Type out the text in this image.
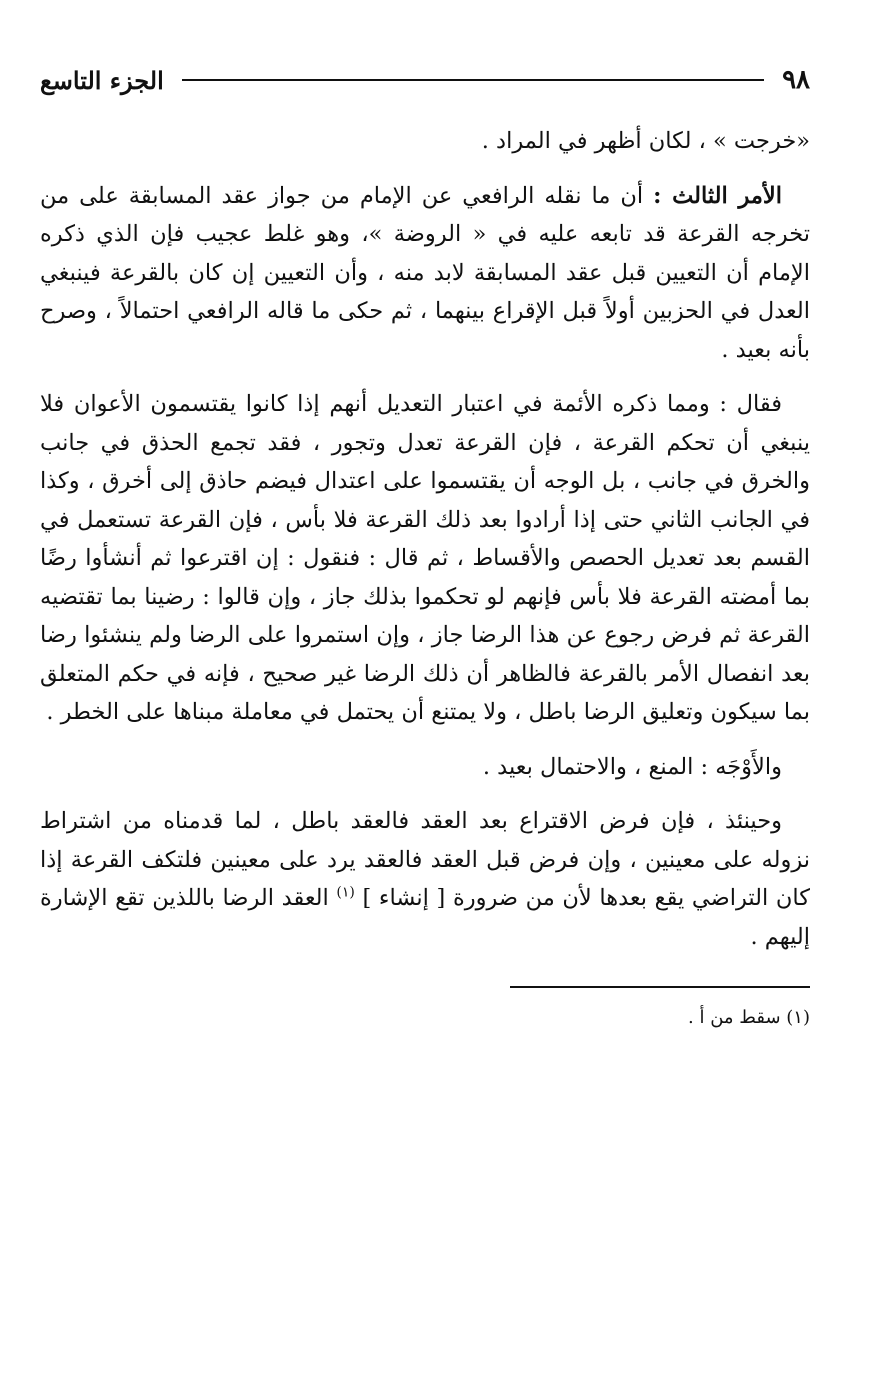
٩٨
الجزء التاسع

«خرجت » ، لكان أظهر في المراد .

الأمر الثالث : أن ما نقله الرافعي عن الإمام من جواز عقد المسابقة على من تخرجه القرعة قد تابعه عليه في « الروضة »، وهو غلط عجيب فإن الذي ذكره الإمام أن التعيين قبل عقد المسابقة لابد منه ، وأن التعيين إن كان بالقرعة فينبغي العدل في الحزبين أولاً قبل الإقراع بينهما ، ثم حكى ما قاله الرافعي احتمالاً ، وصرح بأنه بعيد .

فقال : ومما ذكره الأئمة في اعتبار التعديل أنهم إذا كانوا يقتسمون الأعوان فلا ينبغي أن تحكم القرعة ، فإن القرعة تعدل وتجور ، فقد تجمع الحذق في جانب والخرق في جانب ، بل الوجه أن يقتسموا على اعتدال فيضم حاذق إلى أخرق ، وكذا في الجانب الثاني حتى إذا أرادوا بعد ذلك القرعة فلا بأس ، فإن القرعة تستعمل في القسم بعد تعديل الحصص والأقساط ، ثم قال : فنقول : إن اقترعوا ثم أنشأوا رضًا بما أمضته القرعة فلا بأس فإنهم لو تحكموا بذلك جاز ، وإن قالوا : رضينا بما تقتضيه القرعة ثم فرض رجوع عن هذا الرضا جاز ، وإن استمروا على الرضا ولم ينشئوا رضا بعد انفصال الأمر بالقرعة فالظاهر أن ذلك الرضا غير صحيح ، فإنه في حكم المتعلق بما سيكون وتعليق الرضا باطل ، ولا يمتنع أن يحتمل في معاملة مبناها على الخطر .

والأَوْجَه : المنع ، والاحتمال بعيد .

وحينئذ ، فإن فرض الاقتراع بعد العقد فالعقد باطل ، لما قدمناه من اشتراط نزوله على معينين ، وإن فرض قبل العقد فالعقد يرد على معينين فلتكف القرعة إذا كان التراضي يقع بعدها لأن من ضرورة [ إنشاء ] $^{(١)}$ العقد الرضا باللذين تقع الإشارة إليهم .

(١) سقط من أ .
